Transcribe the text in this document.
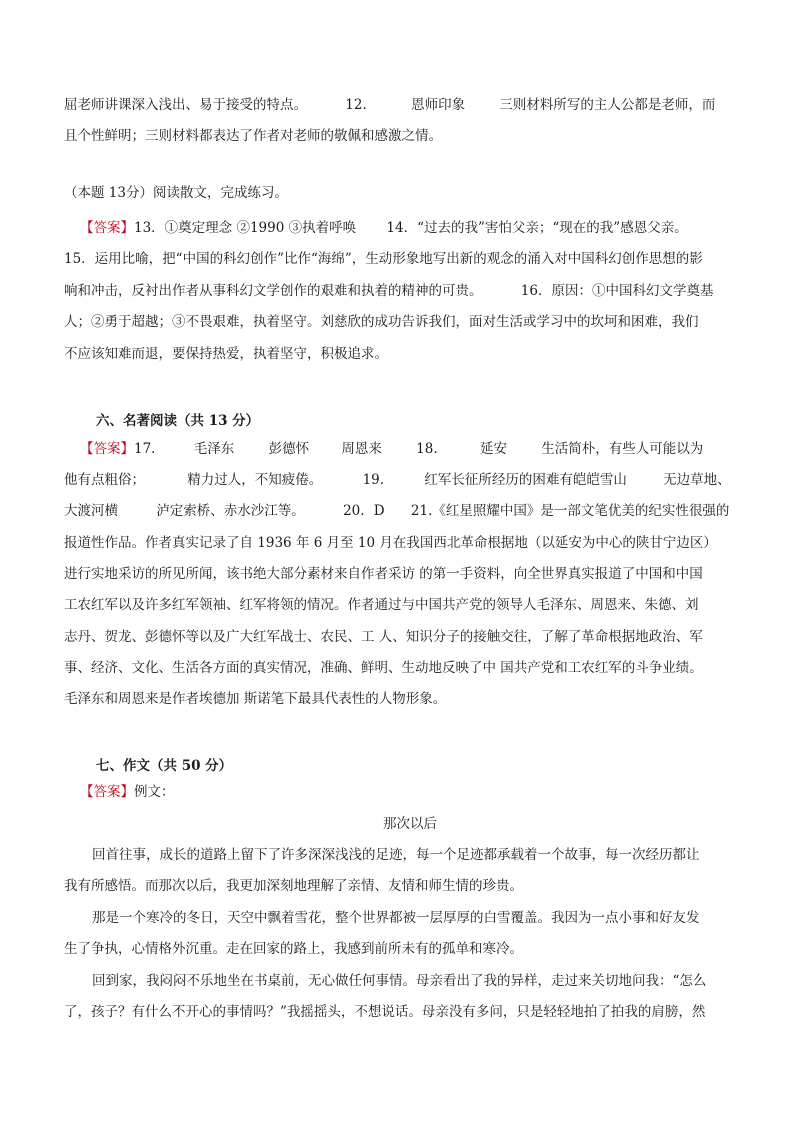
屈老师讲课深入浅出、易于接受的特点。	12.	恩师印象	三则材料所写的主人公都是老师，而
且个性鲜明；三则材料都表达了作者对老师的敬佩和感激之情。
（本题 13分）阅读散文，完成练习。
【答案】13．①奠定理念 ②1990 ③执着呼唤 14．“过去的我”害怕父亲；“现在的我”感恩父亲。
15．运用比喻，把“中国的科幻创作”比作“海绵”，生动形象地写出新的观念的涌入对中国科幻创作思想的影
响和冲击，反衬出作者从事科幻文学创作的艰难和执着的精神的可贵。	16．原因：①中国科幻文学奠基
人；②勇于超越；③不畏艰难，执着坚守。刘慈欣的成功告诉我们，面对生活或学习中的坎坷和困难，我们
不应该知难而退，要保持热爱，执着坚守，积极追求。
六、名著阅读（共 13 分）
【答案】17.	毛泽东	彭德怀 周恩来	18.	延安	生活简朴，有些人可能以为
他有点粗俗；	精力过人，不知疲倦。	19.	红军长征所经历的困难有皑皑雪山	无边草地、
大渡河横	泸定索桥、赤水沙江等。	20．D 21.《红星照耀中国》是一部文笔优美的纪实性很强的
报道性作品。作者真实记录了自 1936 年 6 月至 10 月在我国西北革命根据地（以延安为中心的陕甘宁边区）
进行实地采访的所见所闻，该书绝大部分素材来自作者采访 的第一手资料，向全世界真实报道了中国和中国
工农红军以及许多红军领袖、红军将领的情况。作者通过与中国共产党的领导人毛泽东、周恩来、朱德、刘
志丹、贺龙、彭德怀等以及广大红军战士、农民、工 人、知识分子的接触交往，了解了革命根据地政治、军
事、经济、文化、生活各方面的真实情况，准确、鲜明、生动地反映了中 国共产党和工农红军的斗争业绩。
毛泽东和周恩来是作者埃德加 斯诺笔下最具代表性的人物形象。
七、作文（共 50 分）
【答案】例文：
那次以后
回首往事，成长的道路上留下了许多深深浅浅的足迹，每一个足迹都承载着一个故事，每一次经历都让
我有所感悟。而那次以后，我更加深刻地理解了亲情、友情和师生情的珍贵。
那是一个寒冷的冬日，天空中飘着雪花，整个世界都被一层厚厚的白雪覆盖。我因为一点小事和好友发
生了争执，心情格外沉重。走在回家的路上，我感到前所未有的孤单和寒冷。
回到家，我闷闷不乐地坐在书桌前，无心做任何事情。母亲看出了我的异样，走过来关切地问我：“怎么
了，孩子？有什么不开心的事情吗？”我摇摇头，不想说话。母亲没有多问，只是轻轻地拍了拍我的肩膀，然
